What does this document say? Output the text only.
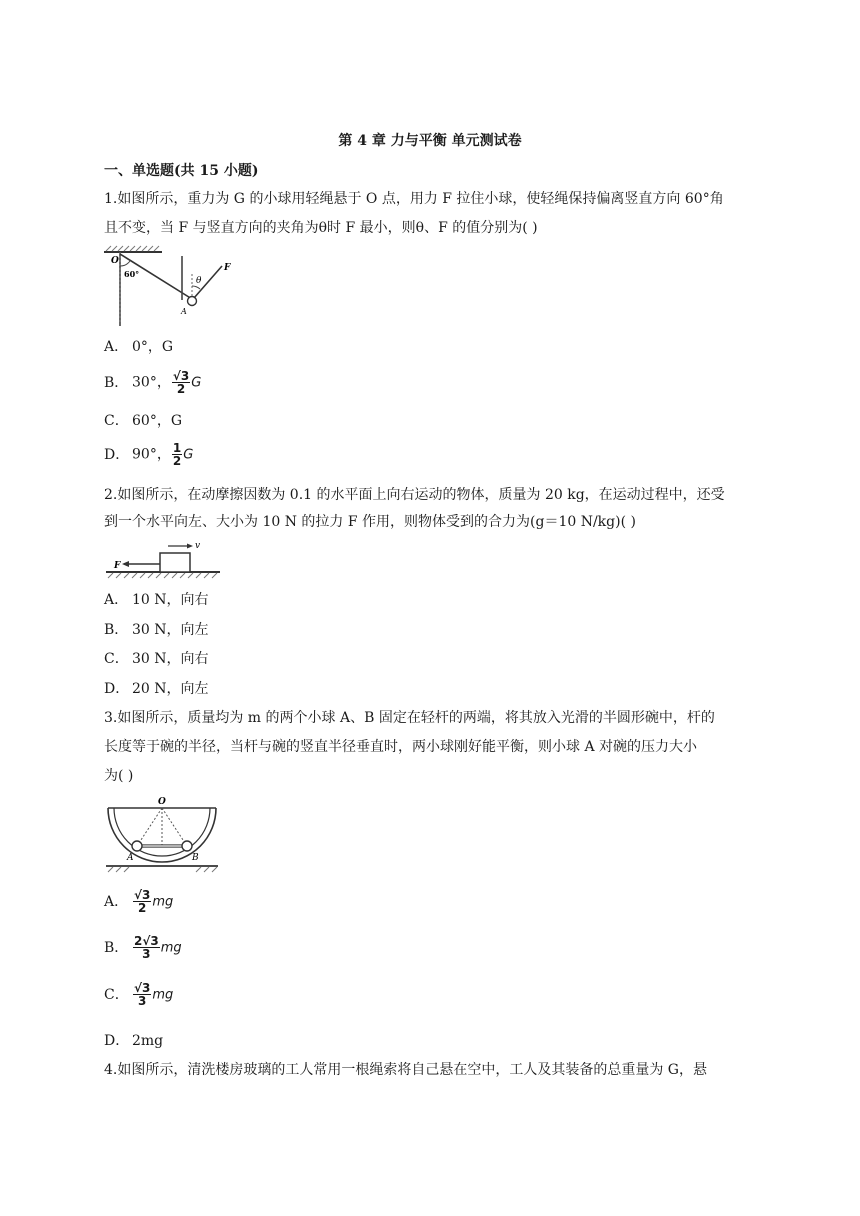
第 4 章 力与平衡 单元测试卷
一、单选题(共 15 小题)
1.如图所示，重力为 G 的小球用轻绳悬于 O 点，用力 F 拉住小球，使轻绳保持偏离竖直方向 60°角
且不变，当 F 与竖直方向的夹角为θ时 F 最小，则θ、F 的值分别为( )
O
60°
θ
F
A
A． 0°，G
B． 30°， $\frac{√3}{2}$ G
C． 60°，G
D． 90°， $\frac{1}{2}$ G
2.如图所示，在动摩擦因数为 0.1 的水平面上向右运动的物体，质量为 20 kg，在运动过程中，还受
到一个水平向左、大小为 10 N 的拉力 F 作用，则物体受到的合力为(g＝10 N/kg)( )
F
v
A． 10 N，向右
B． 30 N，向左
C． 30 N，向右
D． 20 N，向左
3.如图所示，质量均为 m 的两个小球 A、B 固定在轻杆的两端，将其放入光滑的半圆形碗中，杆的
长度等于碗的半径，当杆与碗的竖直半径垂直时，两小球刚好能平衡，则小球 A 对碗的压力大小
为( )
O
A	B
A． $\frac{√3}{2}$ mg
B． $\frac{2√3}{3}$ mg
C． $\frac{√3}{3}$ mg
D． 2mg
4.如图所示，清洗楼房玻璃的工人常用一根绳索将自己悬在空中，工人及其装备的总重量为 G，悬
